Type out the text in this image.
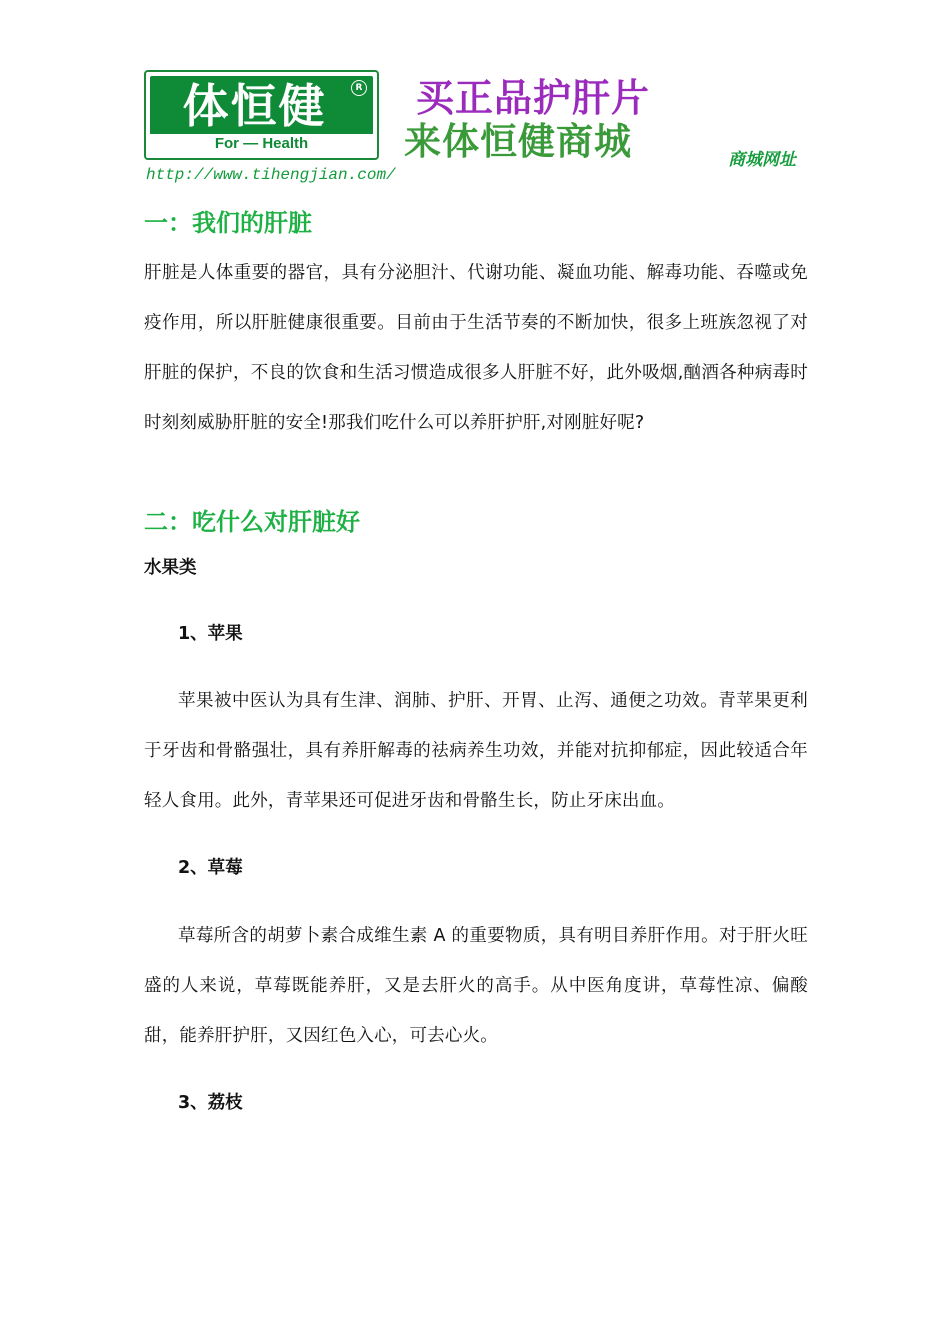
体恒健	R
For — Health
买正品护肝片
来体恒健商城	商城网址
http://www.tihengjian.com/
一：我们的肝脏

肝脏是人体重要的器官，具有分泌胆汁、代谢功能、凝血功能、解毒功能、吞噬或免疫作用，所以肝脏健康很重要。目前由于生活节奏的不断加快，很多上班族忽视了对肝脏的保护，不良的饮食和生活习惯造成很多人肝脏不好，此外吸烟,酗酒各种病毒时时刻刻威胁肝脏的安全!那我们吃什么可以养肝护肝,对刚脏好呢?

二：吃什么对肝脏好
水果类
1、苹果

苹果被中医认为具有生津、润肺、护肝、开胃、止泻、通便之功效。青苹果更利于牙齿和骨骼强壮，具有养肝解毒的祛病养生功效，并能对抗抑郁症，因此较适合年轻人食用。此外，青苹果还可促进牙齿和骨骼生长，防止牙床出血。

2、草莓

草莓所含的胡萝卜素合成维生素 A 的重要物质，具有明目养肝作用。对于肝火旺盛的人来说，草莓既能养肝，又是去肝火的高手。从中医角度讲，草莓性凉、偏酸甜，能养肝护肝，又因红色入心，可去心火。

3、荔枝
